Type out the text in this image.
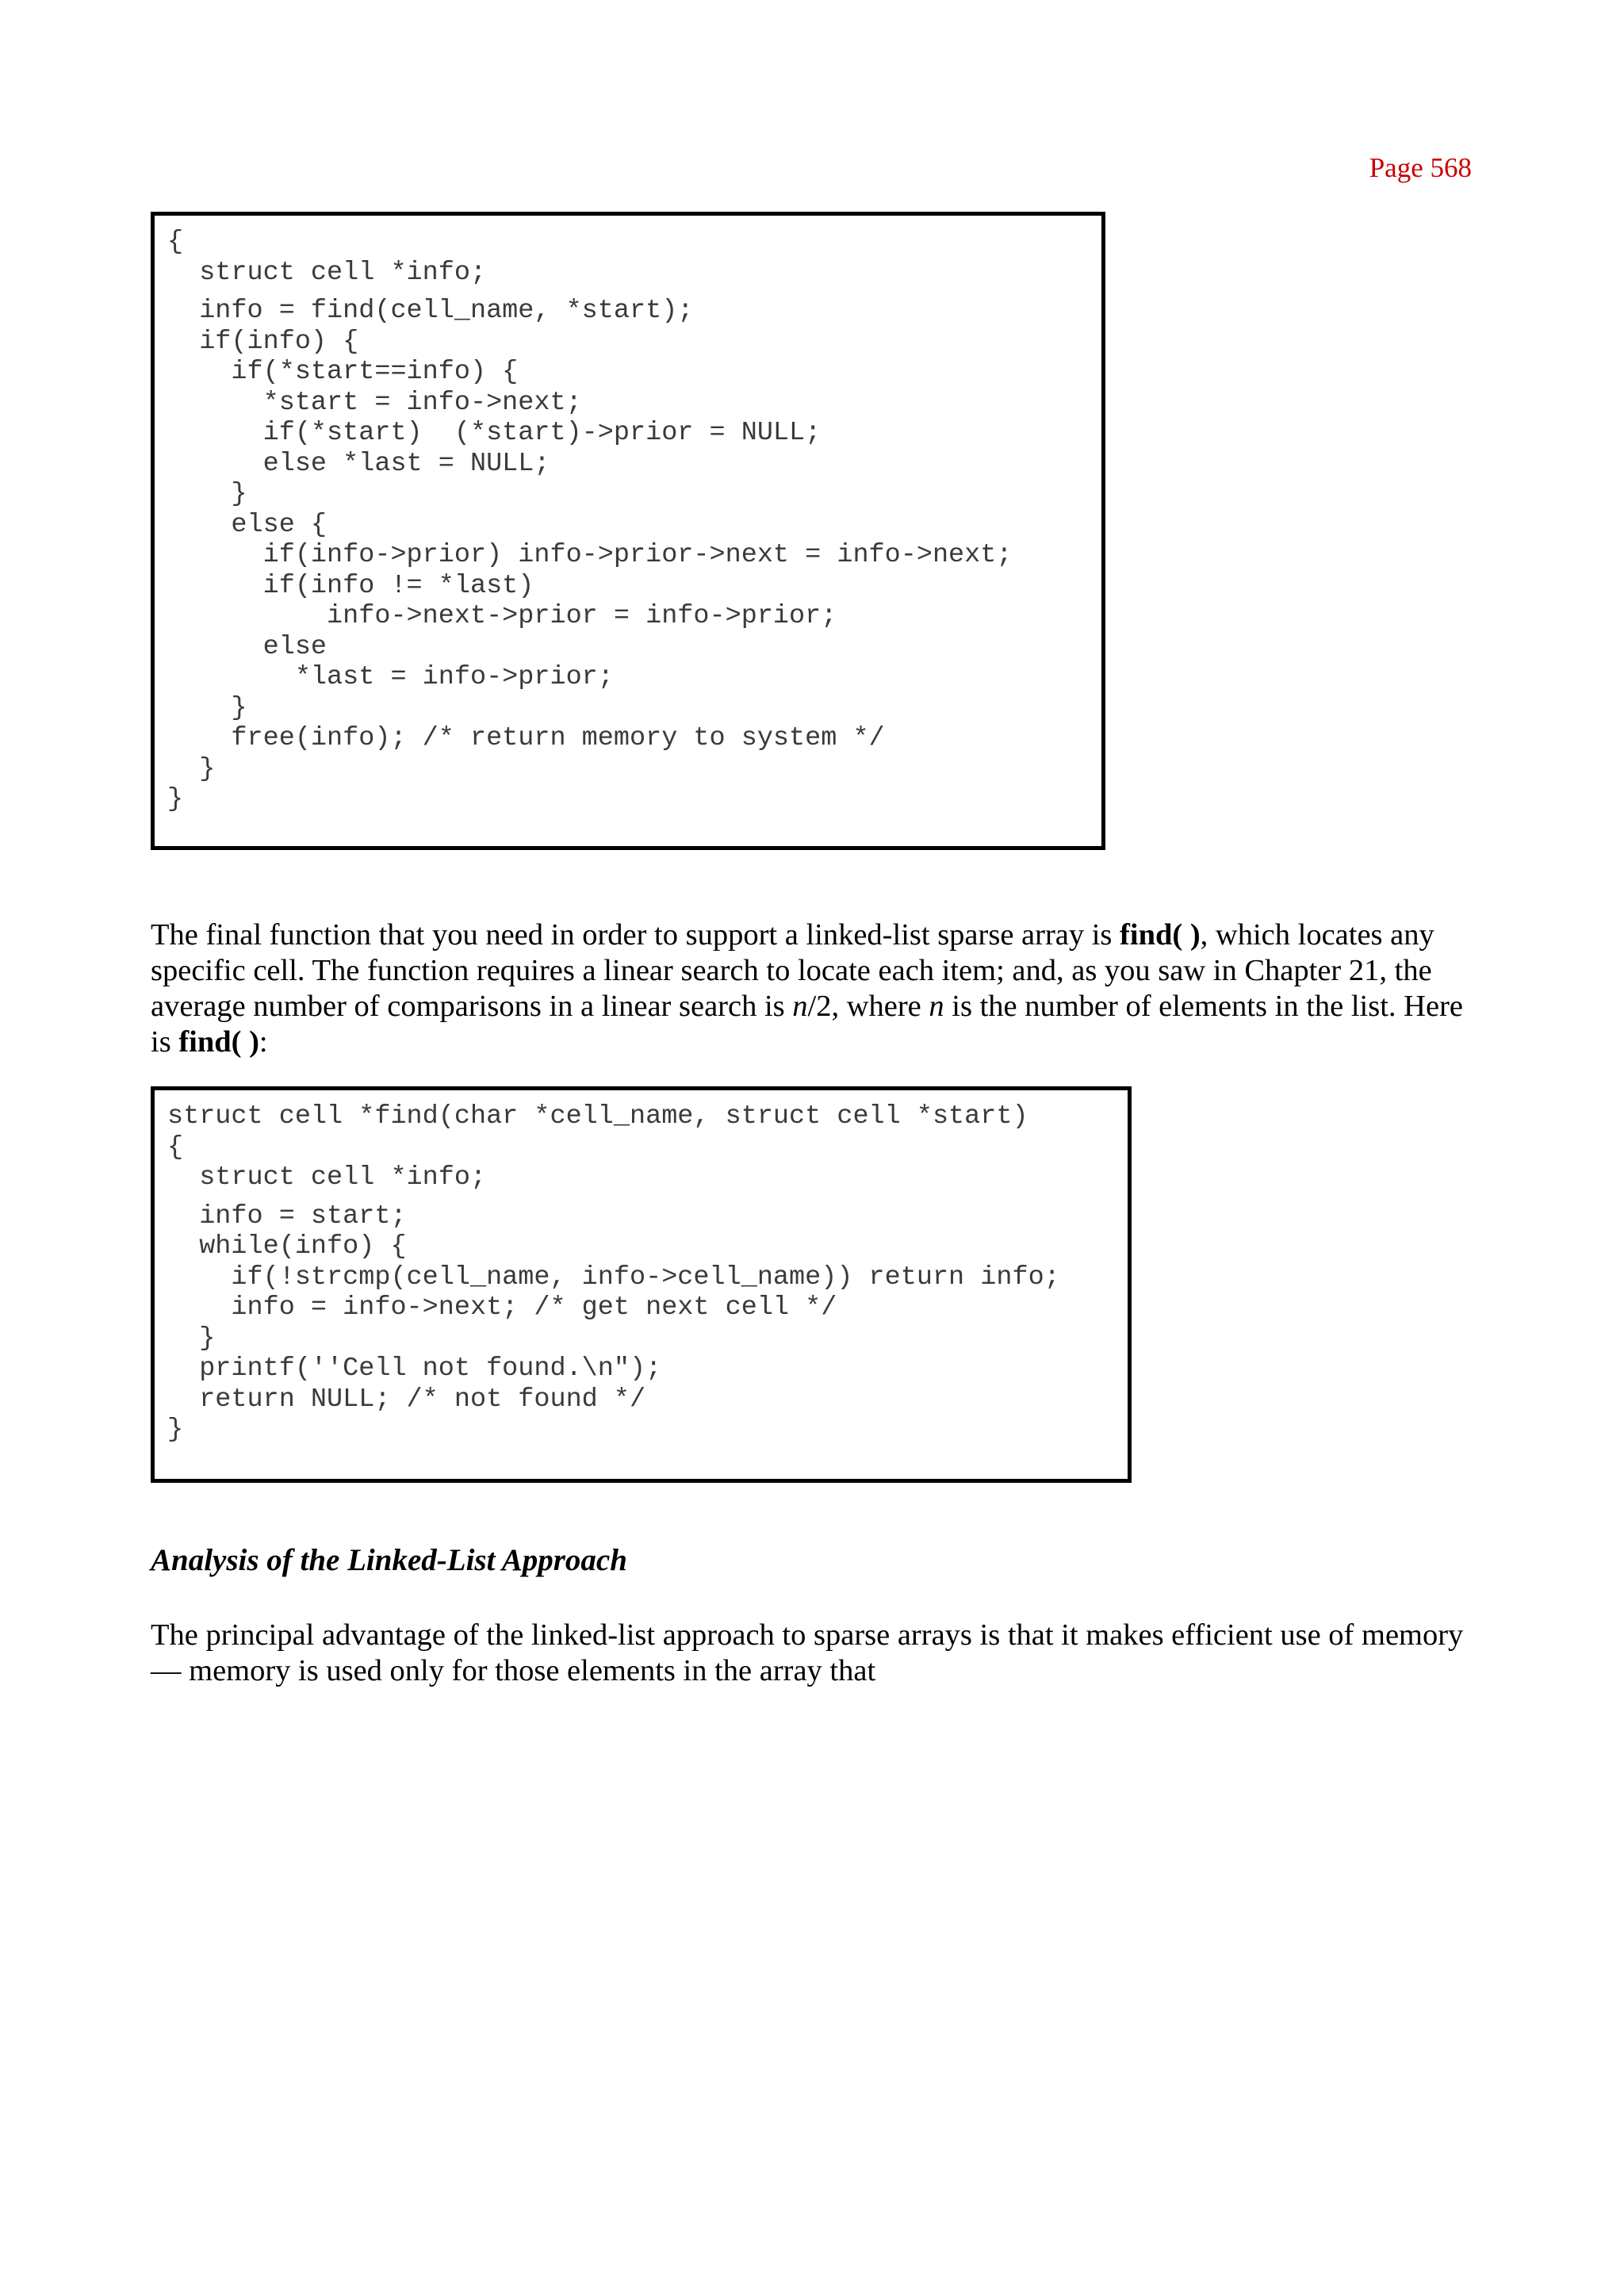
Page 568
{
struct cell *info;
info = find(cell_name, *start);
if(info) {
if(*start==info) {
*start = info->next;
if(*start)  (*start)->prior = NULL;
else *last = NULL;
}
else {
if(info->prior) info->prior->next = info->next;
if(info != *last)
info->next->prior = info->prior;
else
*last = info->prior;
}
free(info); /* return memory to system */
}
}
The final function that you need in order to support a linked-list sparse array is find( ), which locates any specific cell. The function requires a linear search to locate each item; and, as you saw in Chapter 21, the average number of comparisons in a linear search is n/2, where n is the number of elements in the list. Here is find( ):
struct cell *find(char *cell_name, struct cell *start)
{
struct cell *info;
info = start;
while(info) {
if(!strcmp(cell_name, info->cell_name)) return info;
info = info->next; /* get next cell */
}
printf(''Cell not found.\n");
return NULL; /* not found */
}
Analysis of the Linked-List Approach
The principal advantage of the linked-list approach to sparse arrays is that it makes efficient use of memory— memory is used only for those elements in the array that
